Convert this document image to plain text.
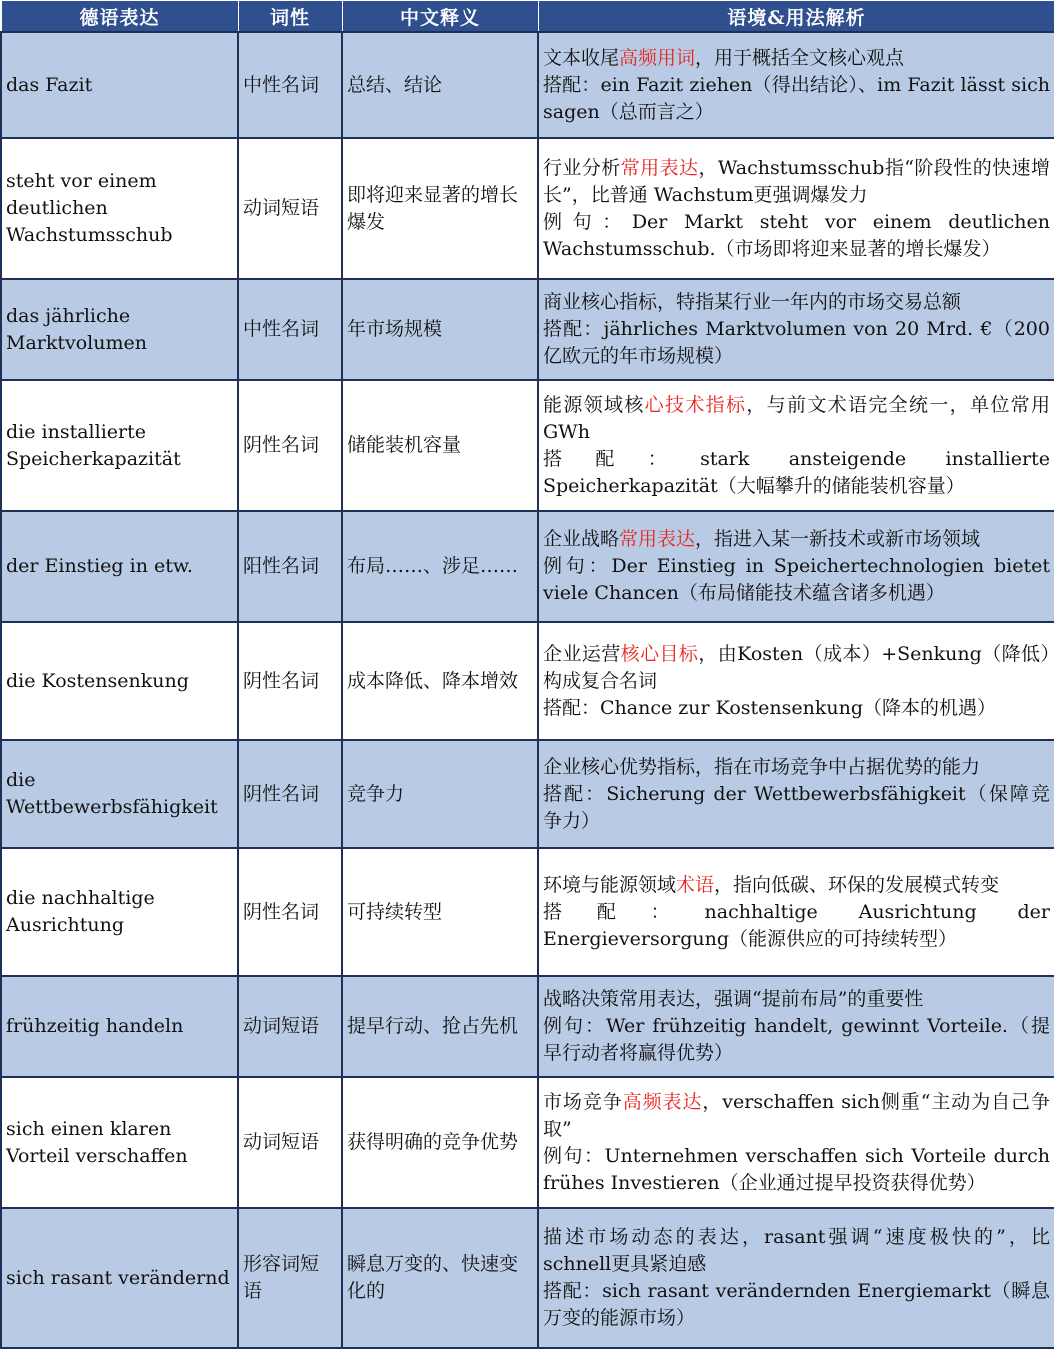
德语表达	词性	中文释义	语境&用法解析
das Fazit	中性名词	总结、结论	文本收尾高频用词，用于概括全文核心观点
搭配：ein Fazit ziehen（得出结论）、im Fazit lässt sich sagen（总而言之）

steht vor einem deutlichen Wachstumsschub	动词短语	即将迎来显著的增长爆发	行业分析常用表达，Wachstumsschub指“阶段性的快速增长”，比普通 Wachstum更强调爆发力
例句：Der Markt steht vor einem deutlichen Wachstumsschub.（市场即将迎来显著的增长爆发）

das jährliche Marktvolumen	中性名词	年市场规模	商业核心指标，特指某行业一年内的市场交易总额
搭配：jährliches Marktvolumen von 20 Mrd. €（200亿欧元的年市场规模）

die installierte Speicherkapazität	阴性名词	储能装机容量	能源领域核心技术指标，与前文术语完全统一，单位常用GWh
搭配：stark ansteigende installierte Speicherkapazität（大幅攀升的储能装机容量）

der Einstieg in etw.	阳性名词	布局……、涉足……	企业战略常用表达，指进入某一新技术或新市场领域
例句：Der Einstieg in Speichertechnologien bietet viele Chancen（布局储能技术蕴含诸多机遇）

die Kostensenkung	阴性名词	成本降低、降本增效	企业运营核心目标，由Kosten（成本）+Senkung（降低）构成复合名词
搭配：Chance zur Kostensenkung（降本的机遇）

die Wettbewerbsfähigkeit	阴性名词	竞争力	企业核心优势指标，指在市场竞争中占据优势的能力
搭配：Sicherung der Wettbewerbsfähigkeit（保障竞争力）

die nachhaltige Ausrichtung	阴性名词	可持续转型	环境与能源领域术语，指向低碳、环保的发展模式转变
搭配：nachhaltige Ausrichtung der Energieversorgung（能源供应的可持续转型）

frühzeitig handeln	动词短语	提早行动、抢占先机	战略决策常用表达，强调“提前布局”的重要性
例句：Wer frühzeitig handelt, gewinnt Vorteile.（提早行动者将赢得优势）

sich einen klaren Vorteil verschaffen	动词短语	获得明确的竞争优势	市场竞争高频表达，verschaffen sich侧重“主动为自己争取”
例句：Unternehmen verschaffen sich Vorteile durch frühes Investieren（企业通过提早投资获得优势）

sich rasant verändernd	形容词短语	瞬息万变的、快速变化的	描述市场动态的表达，rasant强调“速度极快的”，比schnell更具紧迫感
搭配：sich rasant verändernden Energiemarkt（瞬息万变的能源市场）
